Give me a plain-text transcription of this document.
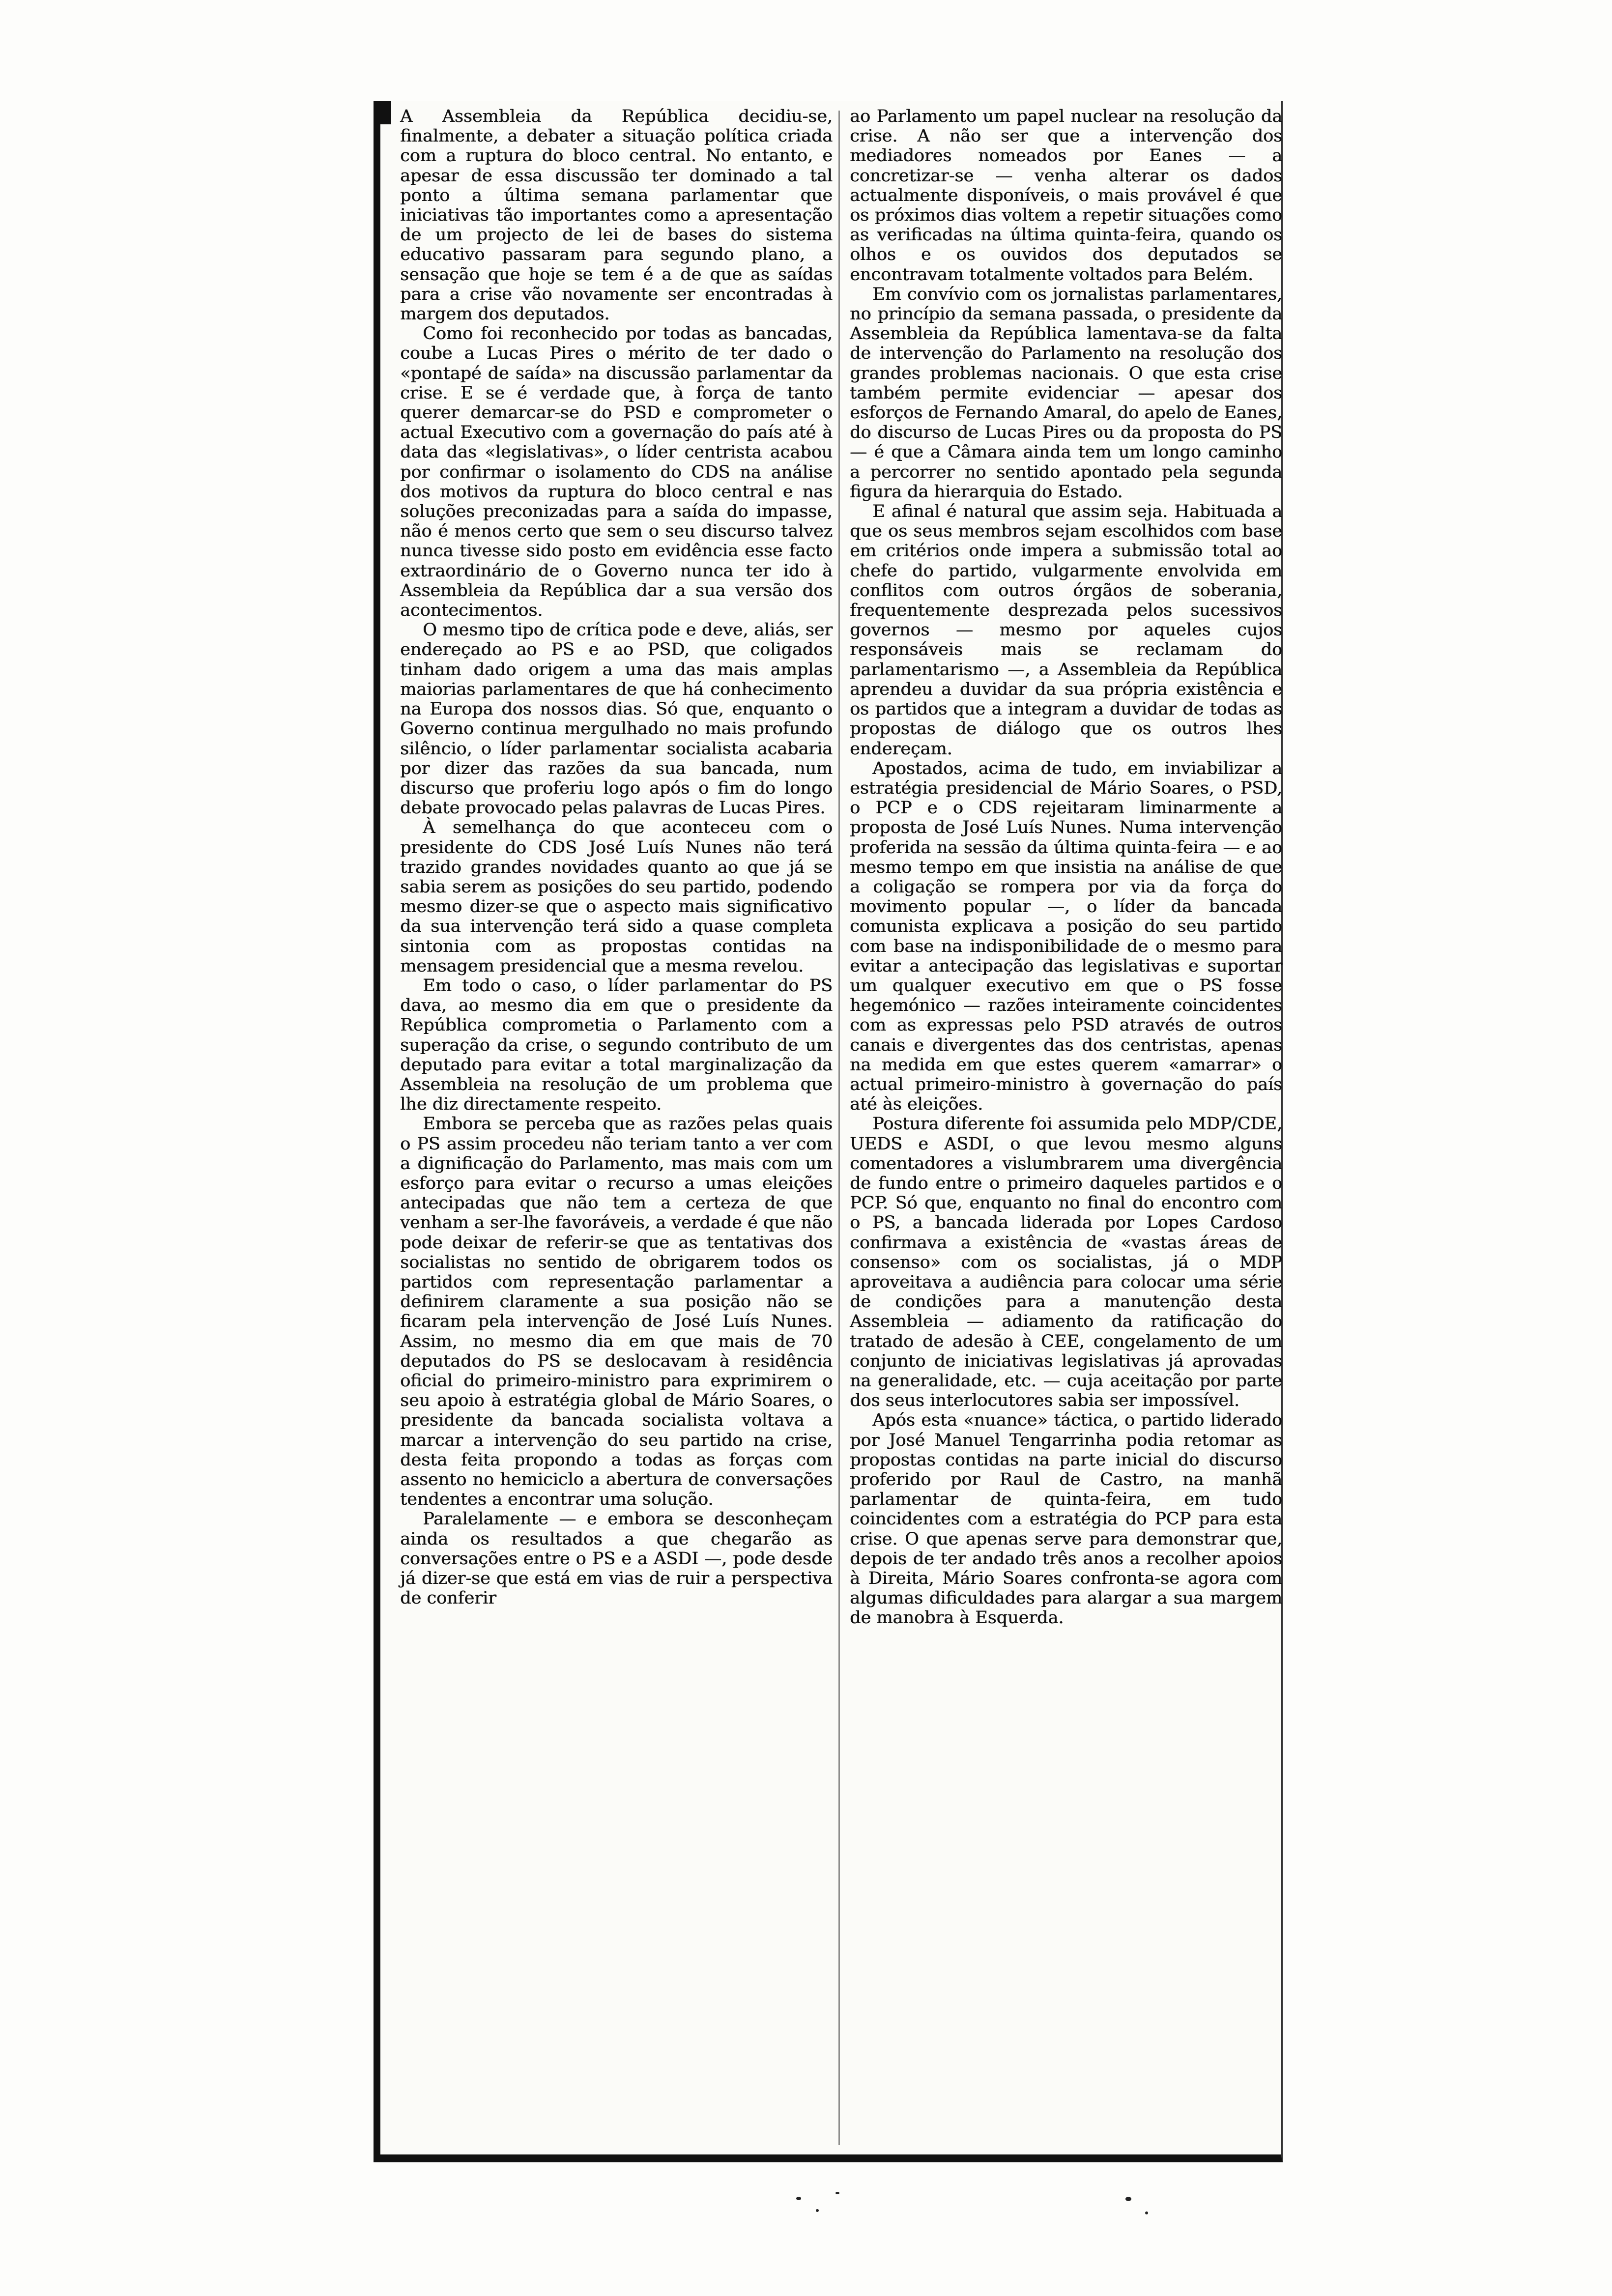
A Assembleia da República decidiu-se, finalmente, a debater a situação política criada com a ruptura do bloco central. No entanto, e apesar de essa discussão ter dominado a tal ponto a última semana parlamentar que iniciativas tão importantes como a apresentação de um projecto de lei de bases do sistema educativo passaram para segundo plano, a sensação que hoje se tem é a de que as saídas para a crise vão novamente ser encontradas à margem dos deputados.

Como foi reconhecido por todas as bancadas, coube a Lucas Pires o mérito de ter dado o «pontapé de saída» na discussão parlamentar da crise. E se é verdade que, à força de tanto querer demarcar-se do PSD e comprometer o actual Executivo com a governação do país até à data das «legislativas», o líder centrista acabou por confirmar o isolamento do CDS na análise dos motivos da ruptura do bloco central e nas soluções preconizadas para a saída do impasse, não é menos certo que sem o seu discurso talvez nunca tivesse sido posto em evidência esse facto extraordinário de o Governo nunca ter ido à Assembleia da República dar a sua versão dos acontecimentos.

O mesmo tipo de crítica pode e deve, aliás, ser endereçado ao PS e ao PSD, que coligados tinham dado origem a uma das mais amplas maiorias parlamentares de que há conhecimento na Europa dos nossos dias. Só que, enquanto o Governo continua mergulhado no mais profundo silêncio, o líder parlamentar socialista acabaria por dizer das razões da sua bancada, num discurso que proferiu logo após o fim do longo debate provocado pelas palavras de Lucas Pires.

À semelhança do que aconteceu com o presidente do CDS José Luís Nunes não terá trazido grandes novidades quanto ao que já se sabia serem as posições do seu partido, podendo mesmo dizer-se que o aspecto mais significativo da sua intervenção terá sido a quase completa sintonia com as propostas contidas na mensagem presidencial que a mesma revelou.

Em todo o caso, o líder parlamentar do PS dava, ao mesmo dia em que o presidente da República comprometia o Parlamento com a superação da crise, o segundo contributo de um deputado para evitar a total marginalização da Assembleia na resolução de um problema que lhe diz directamente respeito.

Embora se perceba que as razões pelas quais o PS assim procedeu não teriam tanto a ver com a dignificação do Parlamento, mas mais com um esforço para evitar o recurso a umas eleições antecipadas que não tem a certeza de que venham a ser-lhe favoráveis, a verdade é que não pode deixar de referir-se que as tentativas dos socialistas no sentido de obrigarem todos os partidos com representação parlamentar a definirem claramente a sua posição não se ficaram pela intervenção de José Luís Nunes. Assim, no mesmo dia em que mais de 70 deputados do PS se deslocavam à residência oficial do primeiro-ministro para exprimirem o seu apoio à estratégia global de Mário Soares, o presidente da bancada socialista voltava a marcar a intervenção do seu partido na crise, desta feita propondo a todas as forças com assento no hemiciclo a abertura de conversações tendentes a encontrar uma solução.

Paralelamente — e embora se desconheçam ainda os resultados a que chegarão as conversações entre o PS e a ASDI —, pode desde já dizer-se que está em vias de ruir a perspectiva de conferir

ao Parlamento um papel nuclear na resolução da crise. A não ser que a intervenção dos mediadores nomeados por Eanes — a concretizar-se — venha alterar os dados actualmente disponíveis, o mais provável é que os próximos dias voltem a repetir situações como as verificadas na última quinta-feira, quando os olhos e os ouvidos dos deputados se encontravam totalmente voltados para Belém.

Em convívio com os jornalistas parlamentares, no princípio da semana passada, o presidente da Assembleia da República lamentava-se da falta de intervenção do Parlamento na resolução dos grandes problemas nacionais. O que esta crise também permite evidenciar — apesar dos esforços de Fernando Amaral, do apelo de Eanes, do discurso de Lucas Pires ou da proposta do PS — é que a Câmara ainda tem um longo caminho a percorrer no sentido apontado pela segunda figura da hierarquia do Estado.

E afinal é natural que assim seja. Habituada a que os seus membros sejam escolhidos com base em critérios onde impera a submissão total ao chefe do partido, vulgarmente envolvida em conflitos com outros órgãos de soberania, frequentemente desprezada pelos sucessivos governos — mesmo por aqueles cujos responsáveis mais se reclamam do parlamentarismo —, a Assembleia da República aprendeu a duvidar da sua própria existência e os partidos que a integram a duvidar de todas as propostas de diálogo que os outros lhes endereçam.

Apostados, acima de tudo, em inviabilizar a estratégia presidencial de Mário Soares, o PSD, o PCP e o CDS rejeitaram liminarmente a proposta de José Luís Nunes. Numa intervenção proferida na sessão da última quinta-feira — e ao mesmo tempo em que insistia na análise de que a coligação se rompera por via da força do movimento popular —, o líder da bancada comunista explicava a posição do seu partido com base na indisponibilidade de o mesmo para evitar a antecipação das legislativas e suportar um qualquer executivo em que o PS fosse hegemónico — razões inteiramente coincidentes com as expressas pelo PSD através de outros canais e divergentes das dos centristas, apenas na medida em que estes querem «amarrar» o actual primeiro-ministro à governação do país até às eleições.

Postura diferente foi assumida pelo MDP/CDE, UEDS e ASDI, o que levou mesmo alguns comentadores a vislumbrarem uma divergência de fundo entre o primeiro daqueles partidos e o PCP. Só que, enquanto no final do encontro com o PS, a bancada liderada por Lopes Cardoso confirmava a existência de «vastas áreas de consenso» com os socialistas, já o MDP aproveitava a audiência para colocar uma série de condições para a manutenção desta Assembleia — adiamento da ratificação do tratado de adesão à CEE, congelamento de um conjunto de iniciativas legislativas já aprovadas na generalidade, etc. — cuja aceitação por parte dos seus interlocutores sabia ser impossível.

Após esta «nuance» táctica, o partido liderado por José Manuel Tengarrinha podia retomar as propostas contidas na parte inicial do discurso proferido por Raul de Castro, na manhã parlamentar de quinta-feira, em tudo coincidentes com a estratégia do PCP para esta crise. O que apenas serve para demonstrar que, depois de ter andado três anos a recolher apoios à Direita, Mário Soares confronta-se agora com algumas dificuldades para alargar a sua margem de manobra à Esquerda.
